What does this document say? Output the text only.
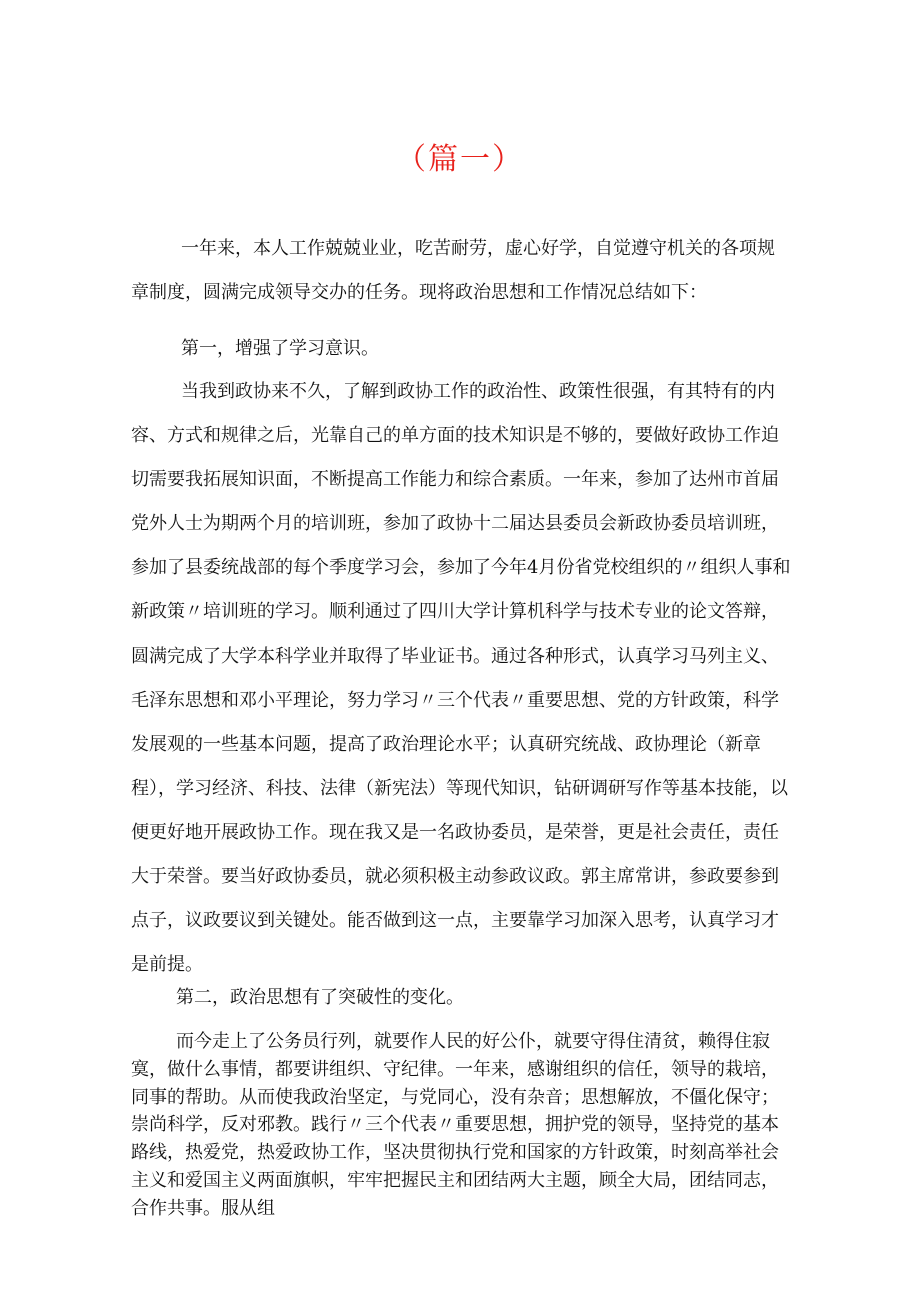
（篇一）

一年来，本人工作兢兢业业，吃苦耐劳，虚心好学，自觉遵守机关的各项规章制度，圆满完成领导交办的任务。现将政治思想和工作情况总结如下：

第一，增强了学习意识。

当我到政协来不久，了解到政协工作的政治性、政策性很强，有其特有的内容、方式和规律之后，光靠自己的单方面的技术知识是不够的，要做好政协工作迫切需要我拓展知识面，不断提高工作能力和综合素质。一年来，参加了达州市首届党外人士为期两个月的培训班，参加了政协十二届达县委员会新政协委员培训班，参加了县委统战部的每个季度学习会，参加了今年4月份省党校组织的〃组织人事和新政策〃培训班的学习。顺利通过了四川大学计算机科学与技术专业的论文答辩，圆满完成了大学本科学业并取得了毕业证书。通过各种形式，认真学习马列主义、毛泽东思想和邓小平理论，努力学习〃三个代表〃重要思想、党的方针政策，科学发展观的一些基本问题，提高了政治理论水平；认真研究统战、政协理论（新章程），学习经济、科技、法律（新宪法）等现代知识，钻研调研写作等基本技能，以便更好地开展政协工作。现在我又是一名政协委员，是荣誉，更是社会责任，责任大于荣誉。要当好政协委员，就必须积极主动参政议政。郭主席常讲，参政要参到点子，议政要议到关键处。能否做到这一点，主要靠学习加深入思考，认真学习才是前提。

第二，政治思想有了突破性的变化。

而今走上了公务员行列，就要作人民的好公仆，就要守得住清贫，赖得住寂寞，做什么事情，都要讲组织、守纪律。一年来，感谢组织的信任，领导的栽培，同事的帮助。从而使我政治坚定，与党同心，没有杂音；思想解放，不僵化保守；崇尚科学，反对邪教。践行〃三个代表〃重要思想，拥护党的领导，坚持党的基本路线，热爱党，热爱政协工作，坚决贯彻执行党和国家的方针政策，时刻高举社会主义和爱国主义两面旗帜，牢牢把握民主和团结两大主题，顾全大局，团结同志，合作共事。服从组
